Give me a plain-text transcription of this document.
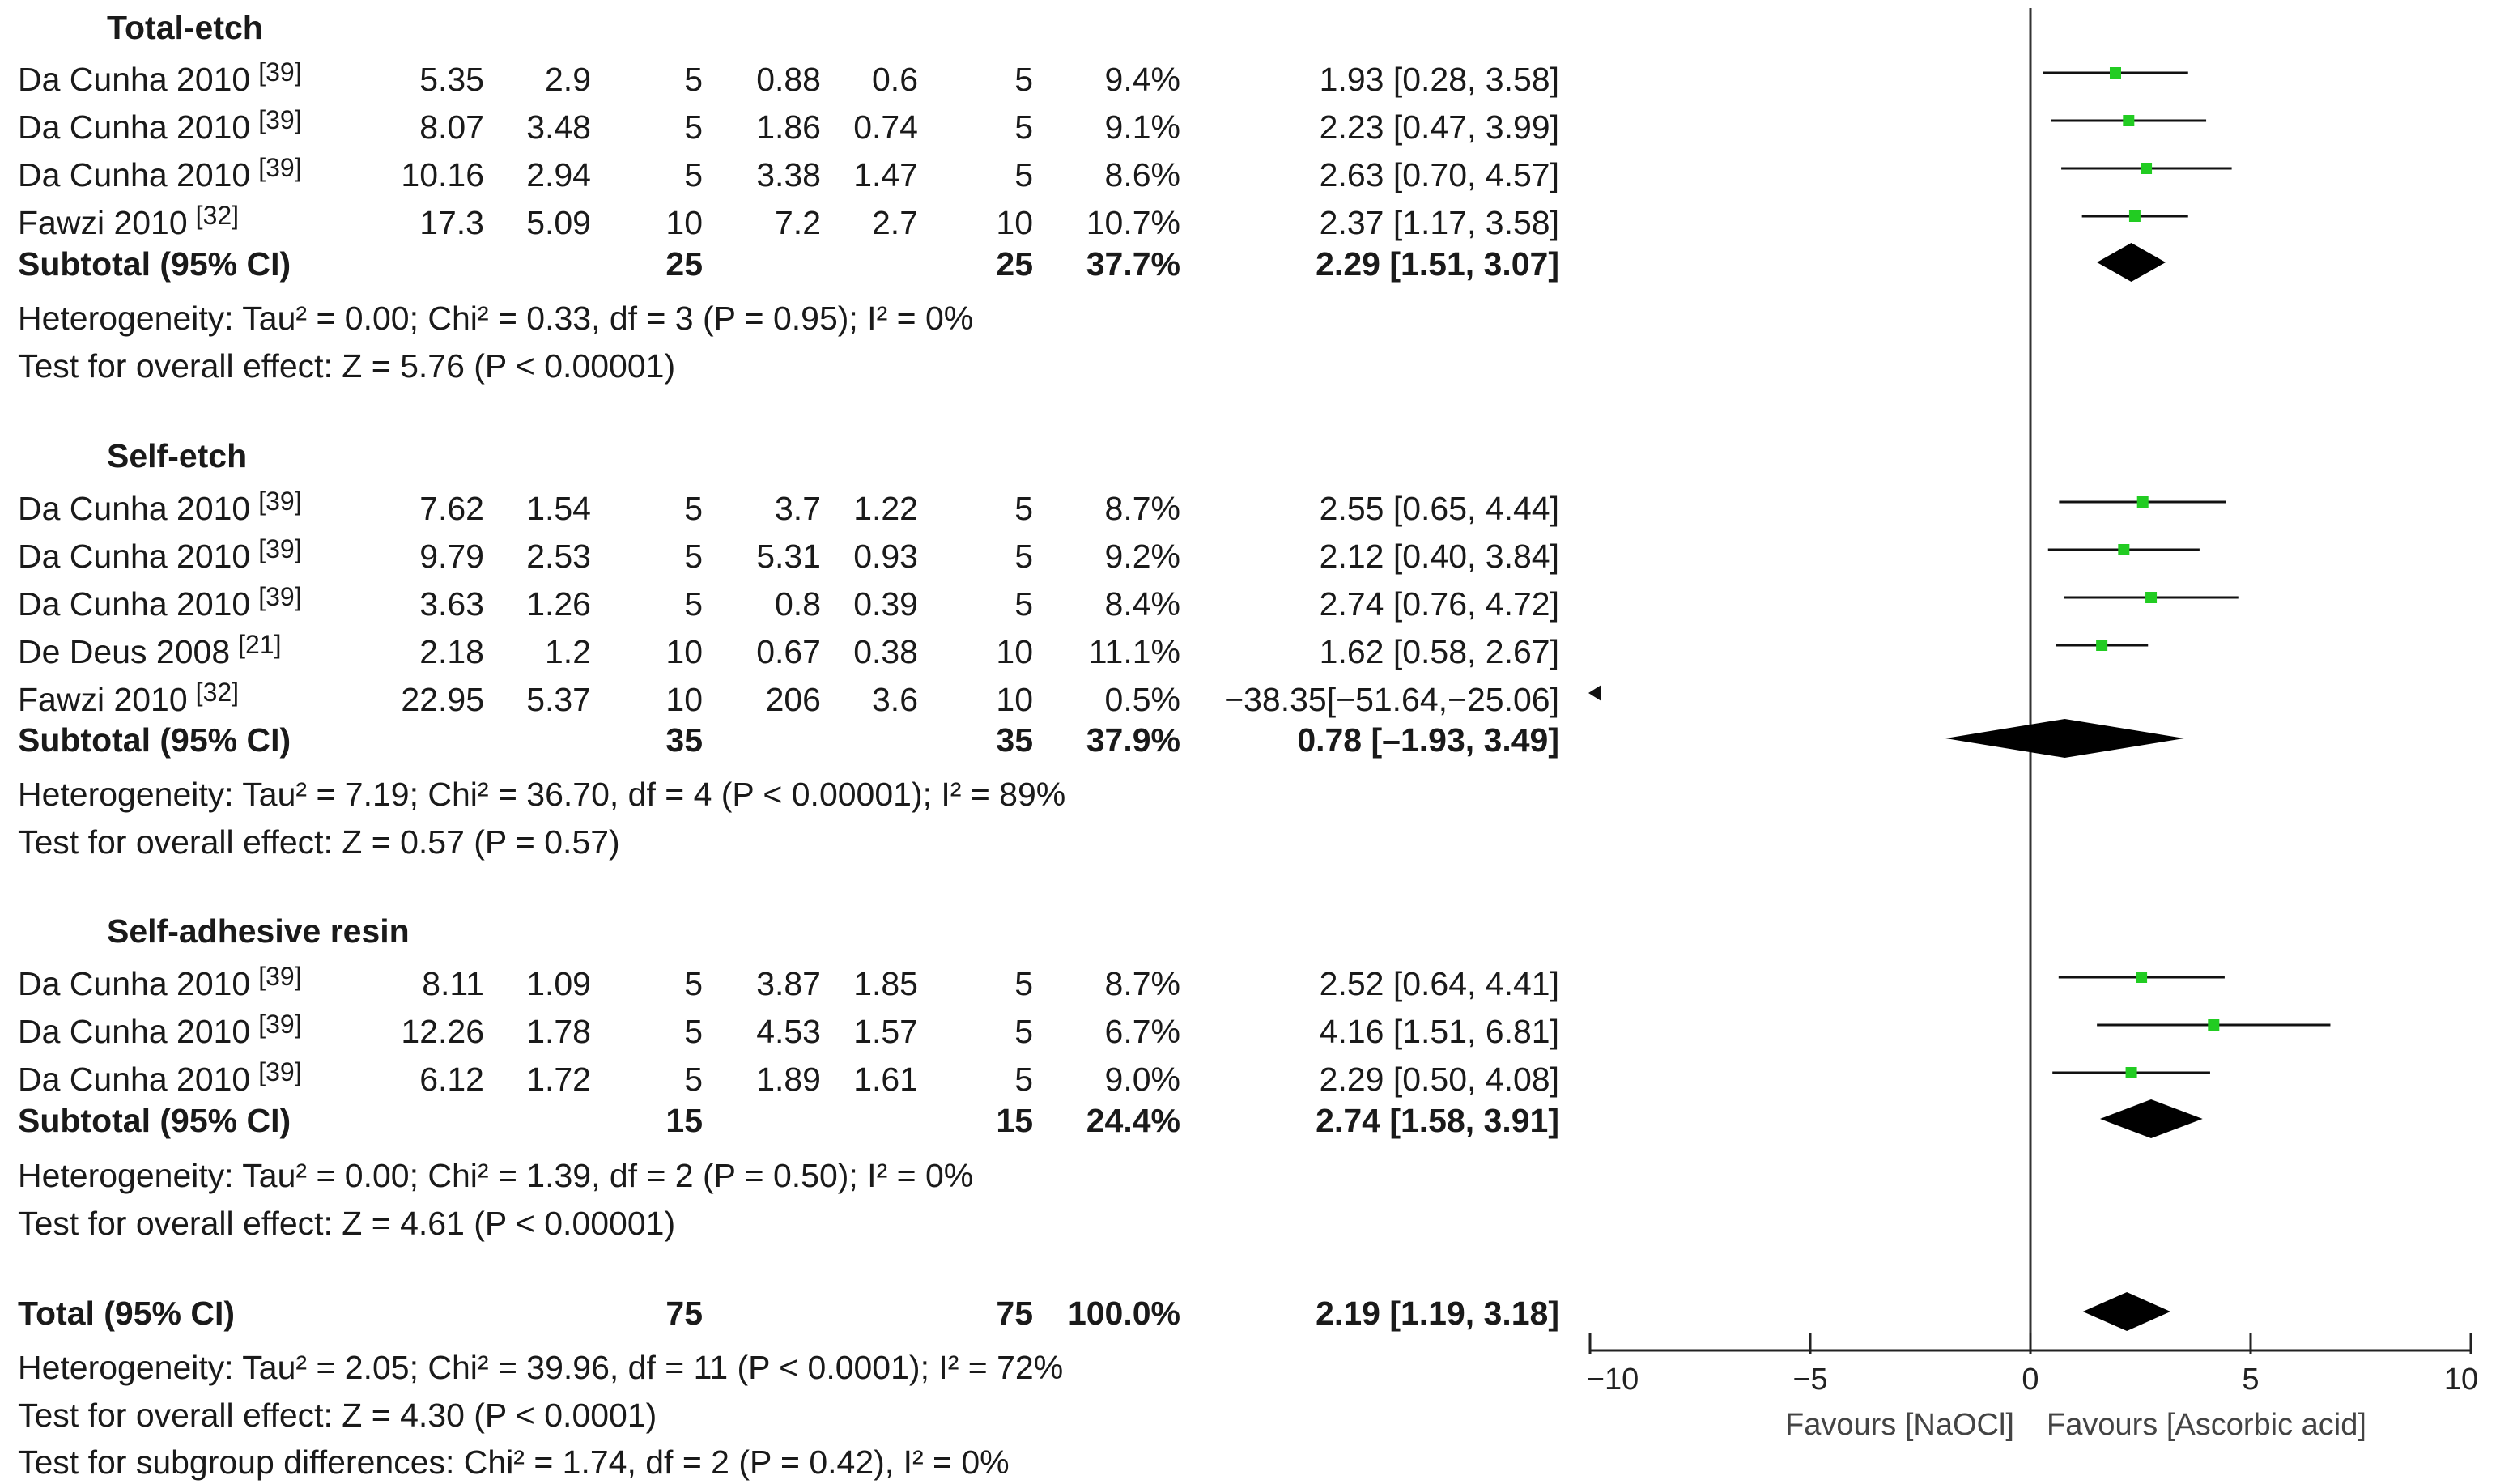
Total-etch
Da Cunha 2010 [39]	5.35 2.9	5 0.88 0.6	5 9.4%	1.93 [0.28, 3.58]
Da Cunha 2010 [39]	8.07 3.48	5 1.86 0.74	5 9.1%	2.23 [0.47, 3.99]
Da Cunha 2010 [39]	10.16 2.94	5 3.38 1.47	5 8.6%	2.63 [0.70, 4.57]
Fawzi 2010 [32]	17.3 5.09 10 7.2 2.7 10 10.7%	2.37 [1.17, 3.58]
Subtotal (95% CI)	25	25 37.7%	2.29 [1.51, 3.07]
Heterogeneity: Tau² = 0.00; Chi² = 0.33, df = 3 (P = 0.95); I² = 0%
Test for overall effect: Z = 5.76 (P < 0.00001)
Self-etch
Da Cunha 2010 [39]	7.62 1.54	5 3.7 1.22	5 8.7%	2.55 [0.65, 4.44]
Da Cunha 2010 [39]	9.79 2.53	5 5.31 0.93	5 9.2%	2.12 [0.40, 3.84]
Da Cunha 2010 [39]	3.63 1.26	5 0.8 0.39	5 8.4%	2.74 [0.76, 4.72]
De Deus 2008 [21]	2.18 1.2 10 0.67 0.38 10 11.1%	1.62 [0.58, 2.67]
Fawzi 2010 [32]	22.95 5.37 10 206 3.6 10 0.5% −38.35[−51.64,−25.06]
Subtotal (95% CI)	35	35 37.9%	0.78 [–1.93, 3.49]
Heterogeneity: Tau² = 7.19; Chi² = 36.70, df = 4 (P < 0.00001); I² = 89%
Test for overall effect: Z = 0.57 (P = 0.57)
Self-adhesive resin
Da Cunha 2010 [39]	8.11 1.09	5 3.87 1.85	5 8.7%	2.52 [0.64, 4.41]
Da Cunha 2010 [39]	12.26 1.78	5 4.53 1.57	5 6.7%	4.16 [1.51, 6.81]
Da Cunha 2010 [39]	6.12 1.72	5 1.89 1.61	5 9.0%	2.29 [0.50, 4.08]
Subtotal (95% CI)	15	15 24.4%	2.74 [1.58, 3.91]
Heterogeneity: Tau² = 0.00; Chi² = 1.39, df = 2 (P = 0.50); I² = 0%
Test for overall effect: Z = 4.61 (P < 0.00001)
Total (95% CI)	75	75 100.0%	2.19 [1.19, 3.18]
Heterogeneity: Tau² = 2.05; Chi² = 39.96, df = 11 (P < 0.0001); I² = 72%
Test for overall effect: Z = 4.30 (P < 0.0001)
Test for subgroup differences: Chi² = 1.74, df = 2 (P = 0.42), I² = 0%
−10	−5	0	5	10
Favours [NaOCl] Favours [Ascorbic acid]
